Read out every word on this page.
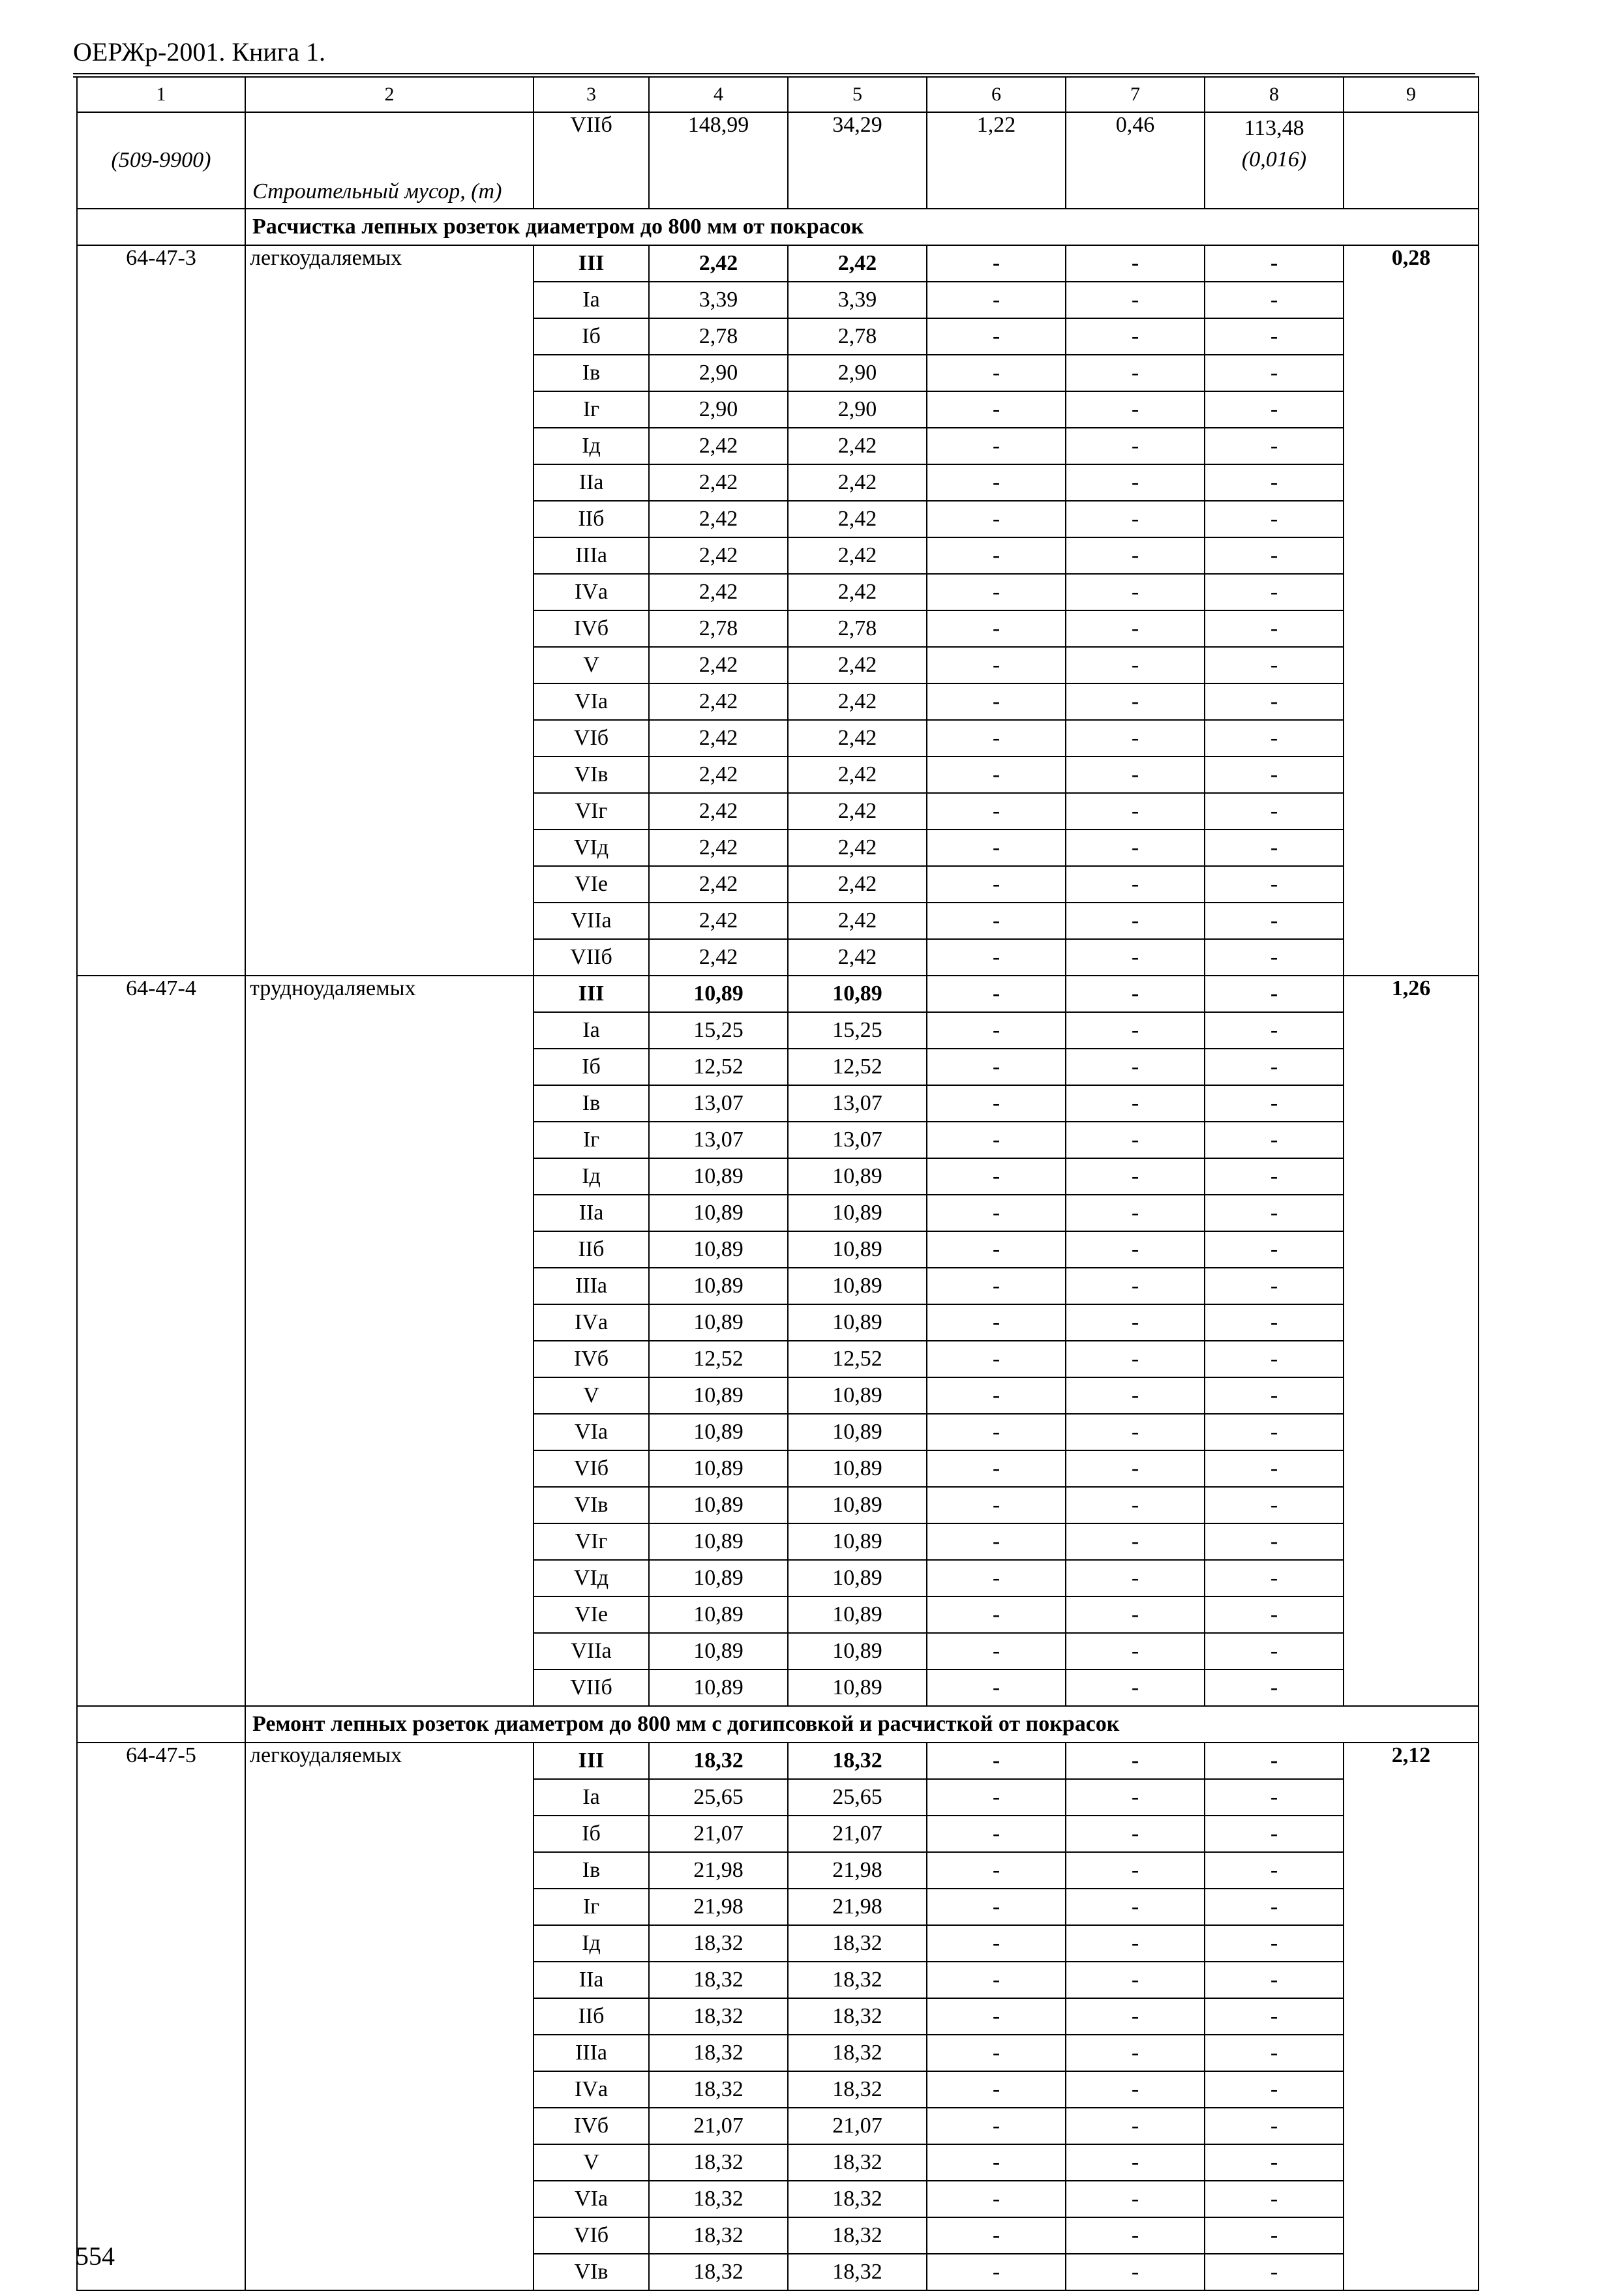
ОЕРЖр-2001. Книга 1.
1	2	3	4	5	6	7	8	9
(509-9900)	Строительный мусор, (т)	VIIб	148,99	34,29	1,22	0,46	113,48
(0,016)	

	Расчистка лепных розеток диаметром до 800 мм от покрасок							
64-47-3	легкоудаляемых	III	2,42	2,42	-	-	-	0,28
		Iа	3,39	3,39	-	-	-	
		Iб	2,78	2,78	-	-	-	
		Iв	2,90	2,90	-	-	-	
		Iг	2,90	2,90	-	-	-	
		Iд	2,42	2,42	-	-	-	
		IIа	2,42	2,42	-	-	-	
		IIб	2,42	2,42	-	-	-	
		IIIа	2,42	2,42	-	-	-	
		IVа	2,42	2,42	-	-	-	
		IVб	2,78	2,78	-	-	-	
		V	2,42	2,42	-	-	-	
		VIа	2,42	2,42	-	-	-	
		VIб	2,42	2,42	-	-	-	
		VIв	2,42	2,42	-	-	-	
		VIг	2,42	2,42	-	-	-	
		VIд	2,42	2,42	-	-	-	
		VIе	2,42	2,42	-	-	-	
		VIIа	2,42	2,42	-	-	-	
		VIIб	2,42	2,42	-	-	-	
64-47-4	трудноудаляемых	III	10,89	10,89	-	-	-	1,26
		Iа	15,25	15,25	-	-	-	
		Iб	12,52	12,52	-	-	-	
		Iв	13,07	13,07	-	-	-	
		Iг	13,07	13,07	-	-	-	
		Iд	10,89	10,89	-	-	-	
		IIа	10,89	10,89	-	-	-	
		IIб	10,89	10,89	-	-	-	
		IIIа	10,89	10,89	-	-	-	
		IVа	10,89	10,89	-	-	-	
		IVб	12,52	12,52	-	-	-	
		V	10,89	10,89	-	-	-	
		VIа	10,89	10,89	-	-	-	
		VIб	10,89	10,89	-	-	-	
		VIв	10,89	10,89	-	-	-	
		VIг	10,89	10,89	-	-	-	
		VIд	10,89	10,89	-	-	-	
		VIе	10,89	10,89	-	-	-	
		VIIа	10,89	10,89	-	-	-	
		VIIб	10,89	10,89	-	-	-	
	Ремонт лепных розеток диаметром до 800 мм с догипсовкой и расчисткой от покрасок							
64-47-5	легкоудаляемых	III	18,32	18,32	-	-	-	2,12
		Iа	25,65	25,65	-	-	-	
		Iб	21,07	21,07	-	-	-	
		Iв	21,98	21,98	-	-	-	
		Iг	21,98	21,98	-	-	-	
		Iд	18,32	18,32	-	-	-	
		IIа	18,32	18,32	-	-	-	
		IIб	18,32	18,32	-	-	-	
		IIIа	18,32	18,32	-	-	-	
		IVа	18,32	18,32	-	-	-	
		IVб	21,07	21,07	-	-	-	
		V	18,32	18,32	-	-	-	
		VIа	18,32	18,32	-	-	-	
		VIб	18,32	18,32	-	-	-	
		VIв	18,32	18,32	-	-	-	
554
